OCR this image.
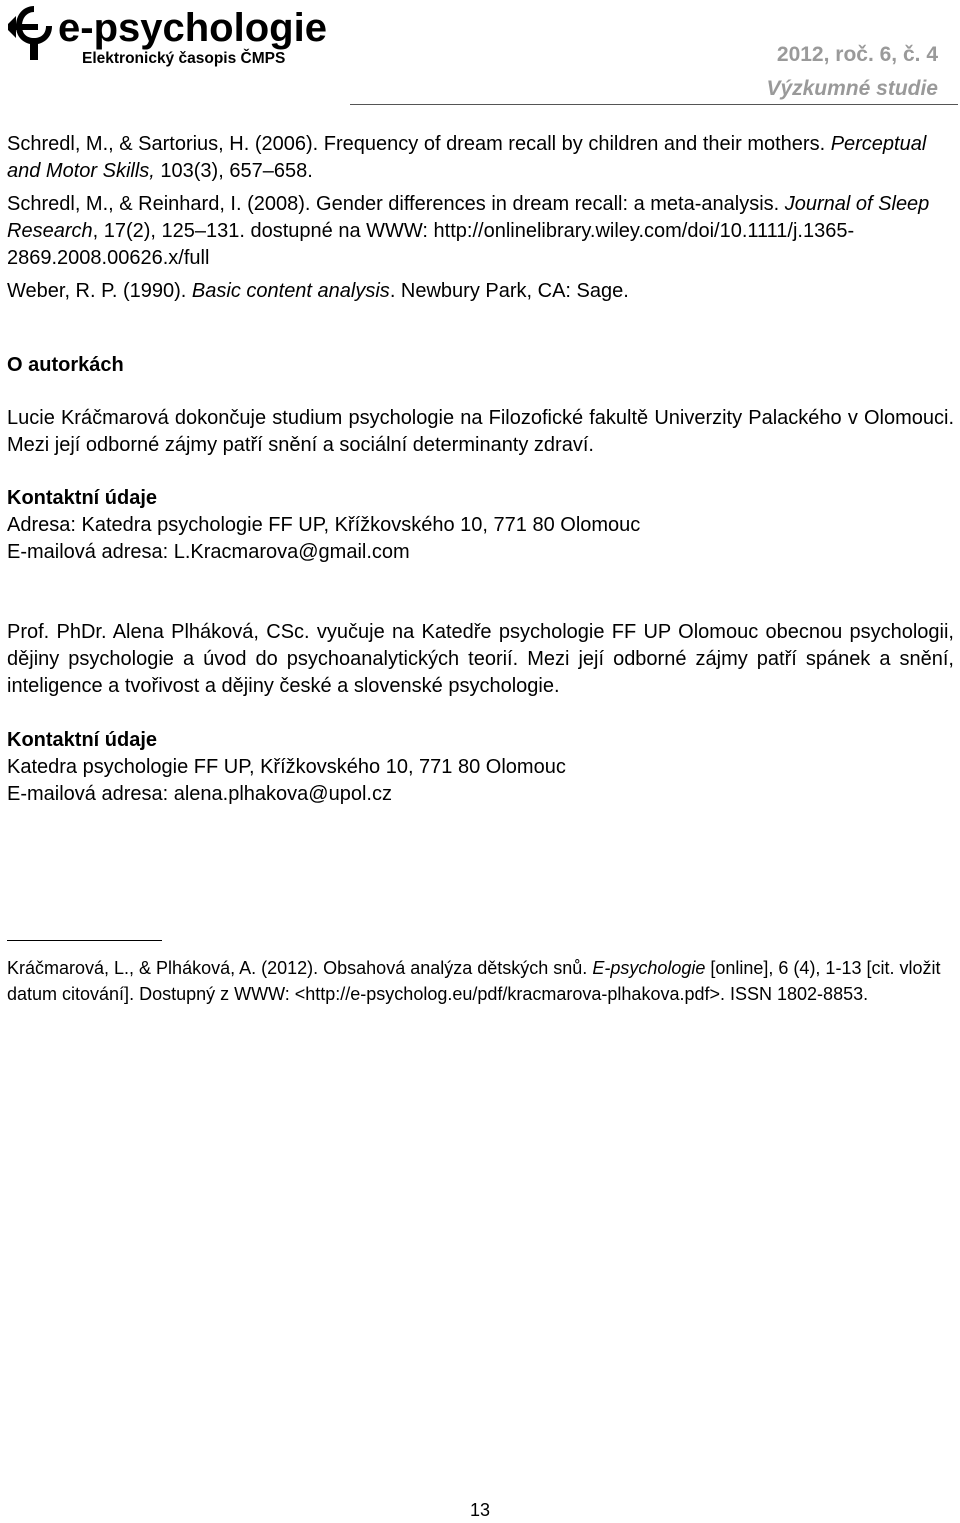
e-psychologie
Elektronický časopis ČMPS	2012, roč. 6, č. 4
Výzkumné studie

Schredl, M., & Sartorius, H. (2006). Frequency of dream recall by children and their mothers. Perceptual and Motor Skills, 103(3), 657–658.

Schredl, M., & Reinhard, I. (2008). Gender differences in dream recall: a meta-analysis. Journal of Sleep Research, 17(2), 125–131. dostupné na WWW: http://onlinelibrary.wiley.com/doi/10.1111/j.1365-2869.2008.00626.x/full

Weber, R. P. (1990). Basic content analysis. Newbury Park, CA: Sage.

O autorkách

Lucie Kráčmarová dokončuje studium psychologie na Filozofické fakultě Univerzity Palackého v Olomouci. Mezi její odborné zájmy patří snění a sociální determinanty zdraví.

Kontaktní údaje

Adresa: Katedra psychologie FF UP, Křížkovského 10, 771 80 Olomouc

E-mailová adresa: L.Kracmarova@gmail.com

Prof. PhDr. Alena Plháková, CSc. vyučuje na Katedře psychologie FF UP Olomouc obecnou psychologii, dějiny psychologie a úvod do psychoanalytických teorií. Mezi její odborné zájmy patří spánek a snění, inteligence a tvořivost a dějiny české a slovenské psychologie.

Kontaktní údaje

Katedra psychologie FF UP, Křížkovského 10, 771 80 Olomouc

E-mailová adresa: alena.plhakova@upol.cz

Kráčmarová, L., & Plháková, A. (2012). Obsahová analýza dětských snů. E-psychologie [online], 6 (4), 1-13 [cit. vložit datum citování]. Dostupný z WWW: <http://e-psycholog.eu/pdf/kracmarova-plhakova.pdf>. ISSN 1802-8853.

13
